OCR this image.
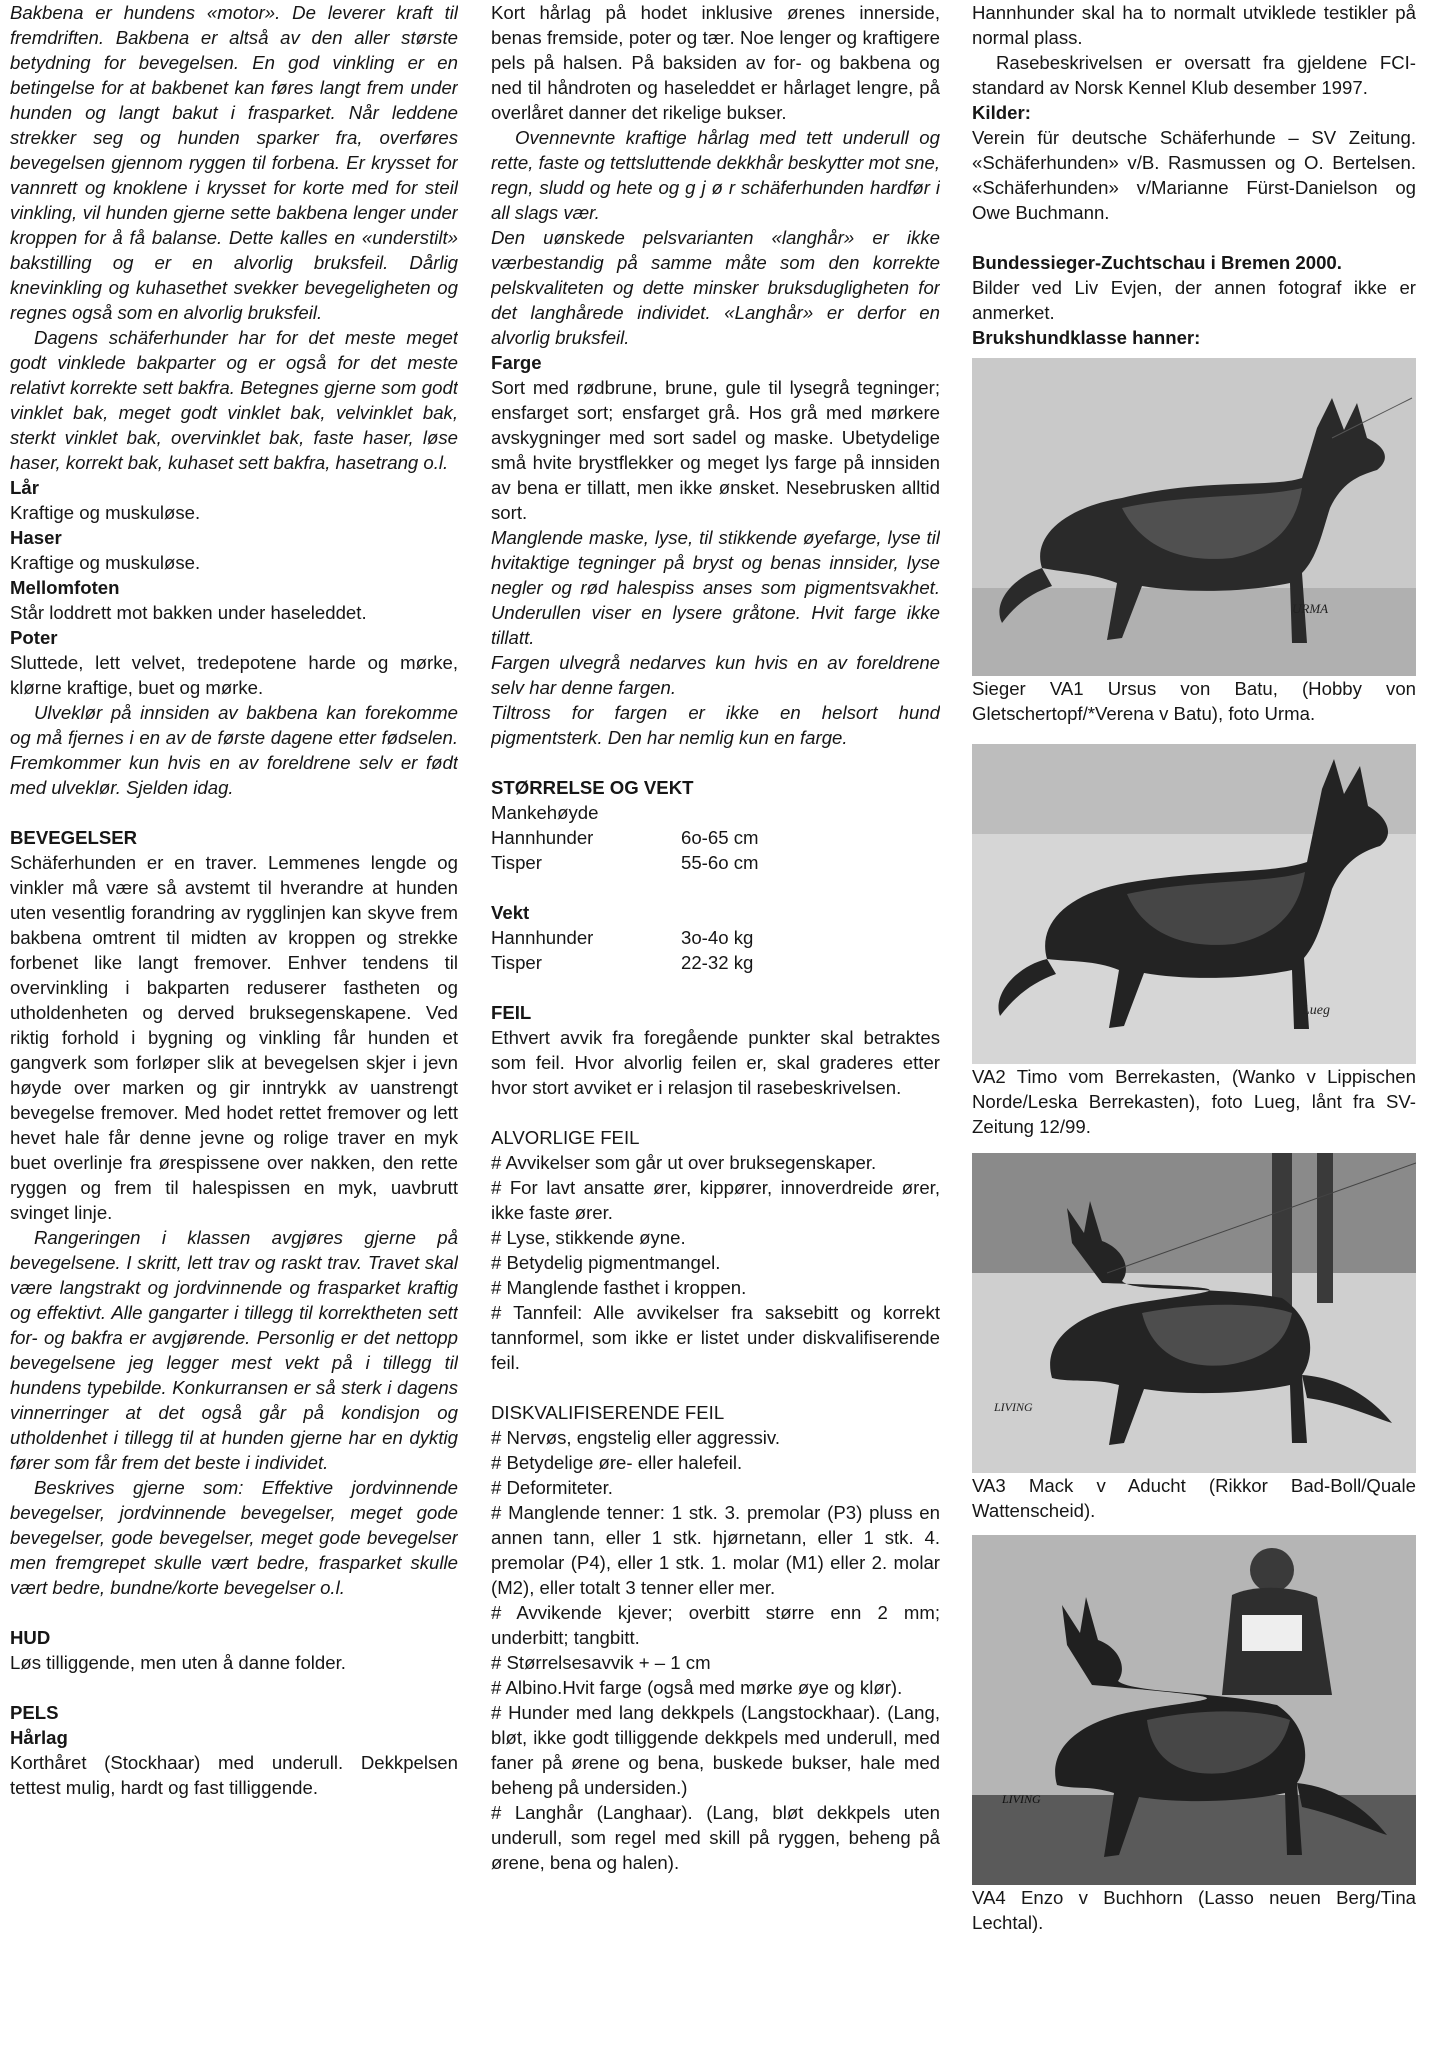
Bakbena er hundens «motor». De leverer kraft til fremdriften. Bakbena er altså av den aller største betydning for bevegelsen. En god vinkling er en betingelse for at bakbenet kan føres langt frem under hunden og langt bakut i frasparket. Når leddene strekker seg og hunden sparker fra, overføres bevegelsen gjennom ryggen til forbena. Er krysset for vannrett og knoklene i krysset for korte med for steil vinkling, vil hunden gjerne sette bakbena lenger under kroppen for å få balanse. Dette kalles en «understilt» bakstilling og er en alvorlig bruksfeil. Dårlig knevinkling og kuhasethet svekker bevegeligheten og regnes også som en alvorlig bruksfeil.

Dagens schäferhunder har for det meste meget godt vinklede bakparter og er også for det meste relativt korrekte sett bakfra. Betegnes gjerne som godt vinklet bak, meget godt vinklet bak, velvinklet bak, sterkt vinklet bak, overvinklet bak, faste haser, løse haser, korrekt bak, kuhaset sett bakfra, hasetrang o.l.

Lår

Kraftige og muskuløse.

Haser

Kraftige og muskuløse.

Mellomfoten

Står loddrett mot bakken under haseleddet.

Poter

Sluttede, lett velvet, tredepotene harde og mørke, klørne kraftige, buet og mørke.

Ulveklør på innsiden av bakbena kan forekomme og må fjernes i en av de første dagene etter fødselen. Fremkommer kun hvis en av foreldrene selv er født med ulveklør. Sjelden idag.

BEVEGELSER

Schäferhunden er en traver. Lemmenes lengde og vinkler må være så avstemt til hverandre at hunden uten vesentlig forandring av rygglinjen kan skyve frem bakbena omtrent til midten av kroppen og strekke forbenet like langt fremover. Enhver tendens til overvinkling i bakparten reduserer fastheten og utholdenheten og derved bruksegenskapene. Ved riktig forhold i bygning og vinkling får hunden et gangverk som forløper slik at bevegelsen skjer i jevn høyde over marken og gir inntrykk av uanstrengt bevegelse fremover. Med hodet rettet fremover og lett hevet hale får denne jevne og rolige traver en myk buet overlinje fra ørespissene over nakken, den rette ryggen og frem til halespissen en myk, uavbrutt svinget linje.

Rangeringen i klassen avgjøres gjerne på bevegelsene. I skritt, lett trav og raskt trav. Travet skal være langstrakt og jordvinnende og frasparket kraftig og effektivt. Alle gangarter i tillegg til korrektheten sett for- og bakfra er avgjørende. Personlig er det nettopp bevegelsene jeg legger mest vekt på i tillegg til hundens typebilde. Konkurransen er så sterk i dagens vinnerringer at det også går på kondisjon og utholdenhet i tillegg til at hunden gjerne har en dyktig fører som får frem det beste i individet.

Beskrives gjerne som: Effektive jordvinnende bevegelser, jordvinnende bevegelser, meget gode bevegelser, gode bevegelser, meget gode bevegelser men fremgrepet skulle vært bedre, frasparket skulle vært bedre, bundne/korte bevegelser o.l.

HUD

Løs tilliggende, men uten å danne folder.

PELS
Hårlag

Korthåret (Stockhaar) med underull. Dekkpelsen tettest mulig, hardt og fast tilliggende.

Kort hårlag på hodet inklusive ørenes innerside, benas fremside, poter og tær. Noe lenger og kraftigere pels på halsen. På baksiden av for- og bakbena og ned til håndroten og haseleddet er hårlaget lengre, på overlåret danner det rikelige bukser.

Ovennevnte kraftige hårlag med tett underull og rette, faste og tettsluttende dekkhår beskytter mot sne, regn, sludd og hete og g j ø r schäferhunden hardfør i all slags vær.

Den uønskede pelsvarianten «langhår» er ikke værbestandig på samme måte som den korrekte pelskvaliteten og dette minsker bruksdugligheten for det langhårede individet. «Langhår» er derfor en alvorlig bruksfeil.

Farge

Sort med rødbrune, brune, gule til lysegrå tegninger; ensfarget sort; ensfarget grå. Hos grå med mørkere avskygninger med sort sadel og maske. Ubetydelige små hvite brystflekker og meget lys farge på innsiden av bena er tillatt, men ikke ønsket. Nesebrusken alltid sort.

Manglende maske, lyse, til stikkende øyefarge, lyse til hvitaktige tegninger på bryst og benas innsider, lyse negler og rød halespiss anses som pigmentsvakhet. Underullen viser en lysere gråtone. Hvit farge ikke tillatt.

Fargen ulvegrå nedarves kun hvis en av foreldrene selv har denne fargen.

Tiltross for fargen er ikke en helsort hund pigmentsterk. Den har nemlig kun en farge.

STØRRELSE OG VEKT

Mankehøyde

Hannhunder	6o-65 cm
Tisper	55-6o cm
Vekt
Hannhunder	3o-4o kg
Tisper	22-32 kg
FEIL

Ethvert avvik fra foregående punkter skal betraktes som feil. Hvor alvorlig feilen er, skal graderes etter hvor stort avviket er i relasjon til rasebeskrivelsen.

ALVORLIGE FEIL

# Avvikelser som går ut over bruksegenskaper.
# For lavt ansatte ører, kippører, innoverdreide ører, ikke faste ører.
# Lyse, stikkende øyne.
# Betydelig pigmentmangel.
# Manglende fasthet i kroppen.
# Tannfeil: Alle avvikelser fra saksebitt og korrekt tannformel, som ikke er listet under diskvalifiserende feil.

DISKVALIFISERENDE FEIL

# Nervøs, engstelig eller aggressiv.
# Betydelige øre- eller halefeil.
# Deformiteter.
# Manglende tenner: 1 stk. 3. premolar (P3) pluss en annen tann, eller 1 stk. hjørnetann, eller 1 stk. 4. premolar (P4), eller 1 stk. 1. molar (M1) eller 2. molar (M2), eller totalt 3 tenner eller mer.
# Avvikende kjever; overbitt større enn 2 mm; underbitt; tangbitt.
# Størrelsesavvik + – 1 cm
# Albino.Hvit farge (også med mørke øye og klør).
# Hunder med lang dekkpels (Langstockhaar). (Lang, bløt, ikke godt tilliggende dekkpels med underull, med faner på ørene og bena, buskede bukser, hale med beheng på undersiden.)
# Langhår (Langhaar). (Lang, bløt dekkpels uten underull, som regel med skill på ryggen, beheng på ørene, bena og halen).

Hannhunder skal ha to normalt utviklede testikler på normal plass.

Rasebeskrivelsen er oversatt fra gjeldene FCI-standard av Norsk Kennel Klub desember 1997.

Kilder:

Verein für deutsche Schäferhunde – SV Zeitung. «Schäferhunden» v/B. Rasmussen og O. Bertelsen. «Schäferhunden» v/Marianne Fürst-Danielson og Owe Buchmann.

Bundessieger-Zuchtschau i Bremen 2000.

Bilder ved Liv Evjen, der annen fotograf ikke er anmerket.

Brukshundklasse hanner:
URMA

Sieger VA1 Ursus von Batu, (Hobby von Gletschertopf/*Verena v Batu), foto Urma.

Lueg

VA2 Timo vom Berrekasten, (Wanko v Lippischen Norde/Leska Berrekasten), foto Lueg, lånt fra SV-Zeitung 12/99.

LIVING

VA3 Mack v Aducht (Rikkor Bad-Boll/Quale Wattenscheid).

LIVING

VA4 Enzo v Buchhorn (Lasso neuen Berg/Tina Lechtal).
